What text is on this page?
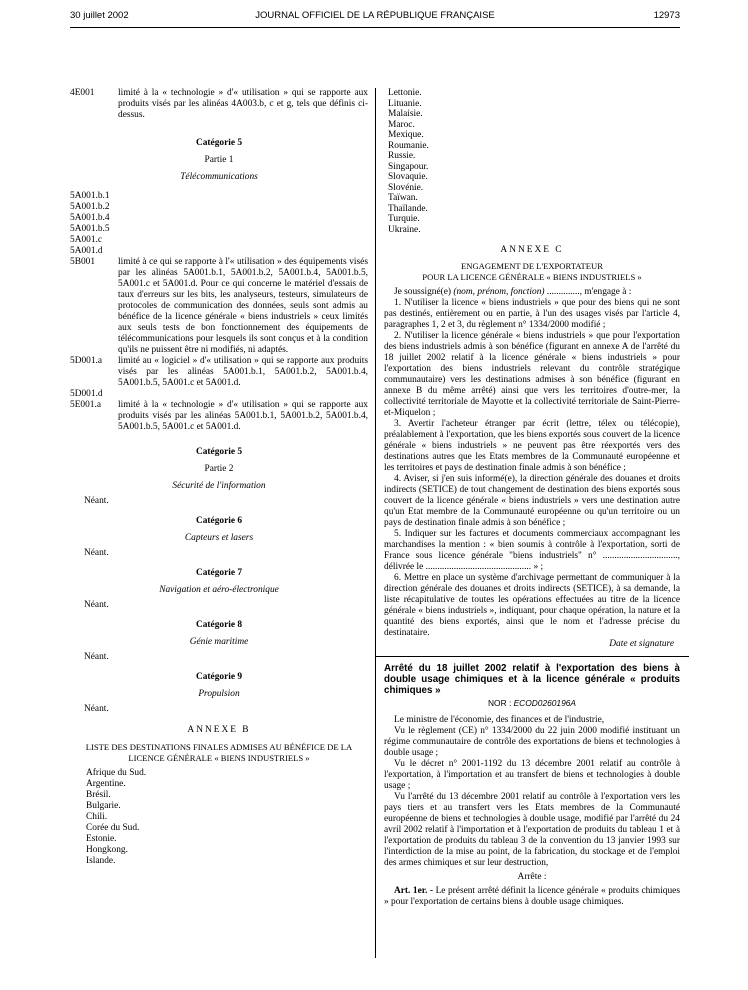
30 juillet 2002	JOURNAL OFFICIEL DE LA RÉPUBLIQUE FRANÇAISE	12973
4E001	limité à la « technologie » d'« utilisation » qui se rapporte aux produits visés par les alinéas 4A003.b, c et g, tels que définis ci-dessus.
Catégorie 5
Partie 1
Télécommunications
5A001.b.1
5A001.b.2
5A001.b.4
5A001.b.5
5A001.c
5A001.d
5B001	limité à ce qui se rapporte à l'« utilisation » des équipements visés par les alinéas 5A001.b.1, 5A001.b.2, 5A001.b.4, 5A001.b.5, 5A001.c et 5A001.d. Pour ce qui concerne le matériel d'essais de taux d'erreurs sur les bits, les analyseurs, testeurs, simulateurs de protocoles de communication des données, seuls sont admis au bénéfice de la licence générale « biens industriels » ceux limités aux seuls tests de bon fonctionnement des équipements de télécommunications pour lesquels ils sont conçus et à la condition qu'ils ne puissent être ni modifiés, ni adaptés.
5D001.a	limité au « logiciel » d'« utilisation » qui se rapporte aux produits visés par les alinéas 5A001.b.1, 5A001.b.2, 5A001.b.4, 5A001.b.5, 5A001.c et 5A001.d.
5D001.d
5E001.a	limité à la « technologie » d'« utilisation » qui se rapporte aux produits visés par les alinéas 5A001.b.1, 5A001.b.2, 5A001.b.4, 5A001.b.5, 5A001.c et 5A001.d.
Catégorie 5
Partie 2
Sécurité de l'information
Néant.
Catégorie 6
Capteurs et lasers
Néant.
Catégorie 7
Navigation et aéro-électronique
Néant.
Catégorie 8
Génie maritime
Néant.
Catégorie 9
Propulsion
Néant.
ANNEXE B
LISTE DES DESTINATIONS FINALES ADMISES AU BÉNÉFICE DE LA LICENCE GÉNÉRALE « BIENS INDUSTRIELS »
Afrique du Sud.
Argentine.
Brésil.
Bulgarie.
Chili.
Corée du Sud.
Estonie.
Hongkong.
Islande.
Lettonie.
Lituanie.
Malaisie.
Maroc.
Mexique.
Roumanie.
Russie.
Singapour.
Slovaquie.
Slovénie.
Taïwan.
Thaïlande.
Turquie.
Ukraine.
ANNEXE C
ENGAGEMENT DE L'EXPORTATEUR
POUR LA LICENCE GÉNÉRALE « BIENS INDUSTRIELS »

Je soussigné(e) (nom, prénom, fonction) .............., m'engage à :

1. N'utiliser la licence « biens industriels » que pour des biens qui ne sont pas destinés, entièrement ou en partie, à l'un des usages visés par l'article 4, paragraphes 1, 2 et 3, du règlement n° 1334/2000 modifié ;

2. N'utiliser la licence générale « biens industriels » que pour l'exportation des biens industriels admis à son bénéfice (figurant en annexe A de l'arrêté du 18 juillet 2002 relatif à la licence générale « biens industriels » pour l'exportation des biens industriels relevant du contrôle stratégique communautaire) vers les destinations admises à son bénéfice (figurant en annexe B du même arrêté) ainsi que vers les territoires d'outre-mer, la collectivité territoriale de Mayotte et la collectivité territoriale de Saint-Pierre-et-Miquelon ;

3. Avertir l'acheteur étranger par écrit (lettre, télex ou télécopie), préalablement à l'exportation, que les biens exportés sous couvert de la licence générale « biens industriels » ne peuvent pas être réexportés vers des destinations autres que les Etats membres de la Communauté européenne et les territoires et pays de destination finale admis à son bénéfice ;

4. Aviser, si j'en suis informé(e), la direction générale des douanes et droits indirects (SETICE) de tout changement de destination des biens exportés sous couvert de la licence générale « biens industriels » vers une destination autre qu'un Etat membre de la Communauté européenne ou qu'un territoire ou un pays de destination finale admis à son bénéfice ;

5. Indiquer sur les factures et documents commerciaux accompagnant les marchandises la mention : « bien soumis à contrôle à l'exportation, sorti de France sous licence générale "biens industriels" n° ................................, délivrée le ............................................. » ;

6. Mettre en place un système d'archivage permettant de communiquer à la direction générale des douanes et droits indirects (SETICE), à sa demande, la liste récapitulative de toutes les opérations effectuées au titre de la licence générale « biens industriels », indiquant, pour chaque opération, la nature et la quantité des biens exportés, ainsi que le nom et l'adresse précise du destinataire.

Date et signature
Arrêté du 18 juillet 2002 relatif à l'exportation des biens à double usage chimiques et à la licence générale « produits chimiques »
NOR : ECOD0260196A

Le ministre de l'économie, des finances et de l'industrie,

Vu le règlement (CE) n° 1334/2000 du 22 juin 2000 modifié instituant un régime communautaire de contrôle des exportations de biens et technologies à double usage ;

Vu le décret n° 2001-1192 du 13 décembre 2001 relatif au contrôle à l'exportation, à l'importation et au transfert de biens et technologies à double usage ;

Vu l'arrêté du 13 décembre 2001 relatif au contrôle à l'exportation vers les pays tiers et au transfert vers les Etats membres de la Communauté européenne de biens et technologies à double usage, modifié par l'arrêté du 24 avril 2002 relatif à l'importation et à l'exportation de produits du tableau 1 et à l'exportation de produits du tableau 3 de la convention du 13 janvier 1993 sur l'interdiction de la mise au point, de la fabrication, du stockage et de l'emploi des armes chimiques et sur leur destruction,

Arrête :

Art. 1er. - Le présent arrêté définit la licence générale « produits chimiques » pour l'exportation de certains biens à double usage chimiques.
